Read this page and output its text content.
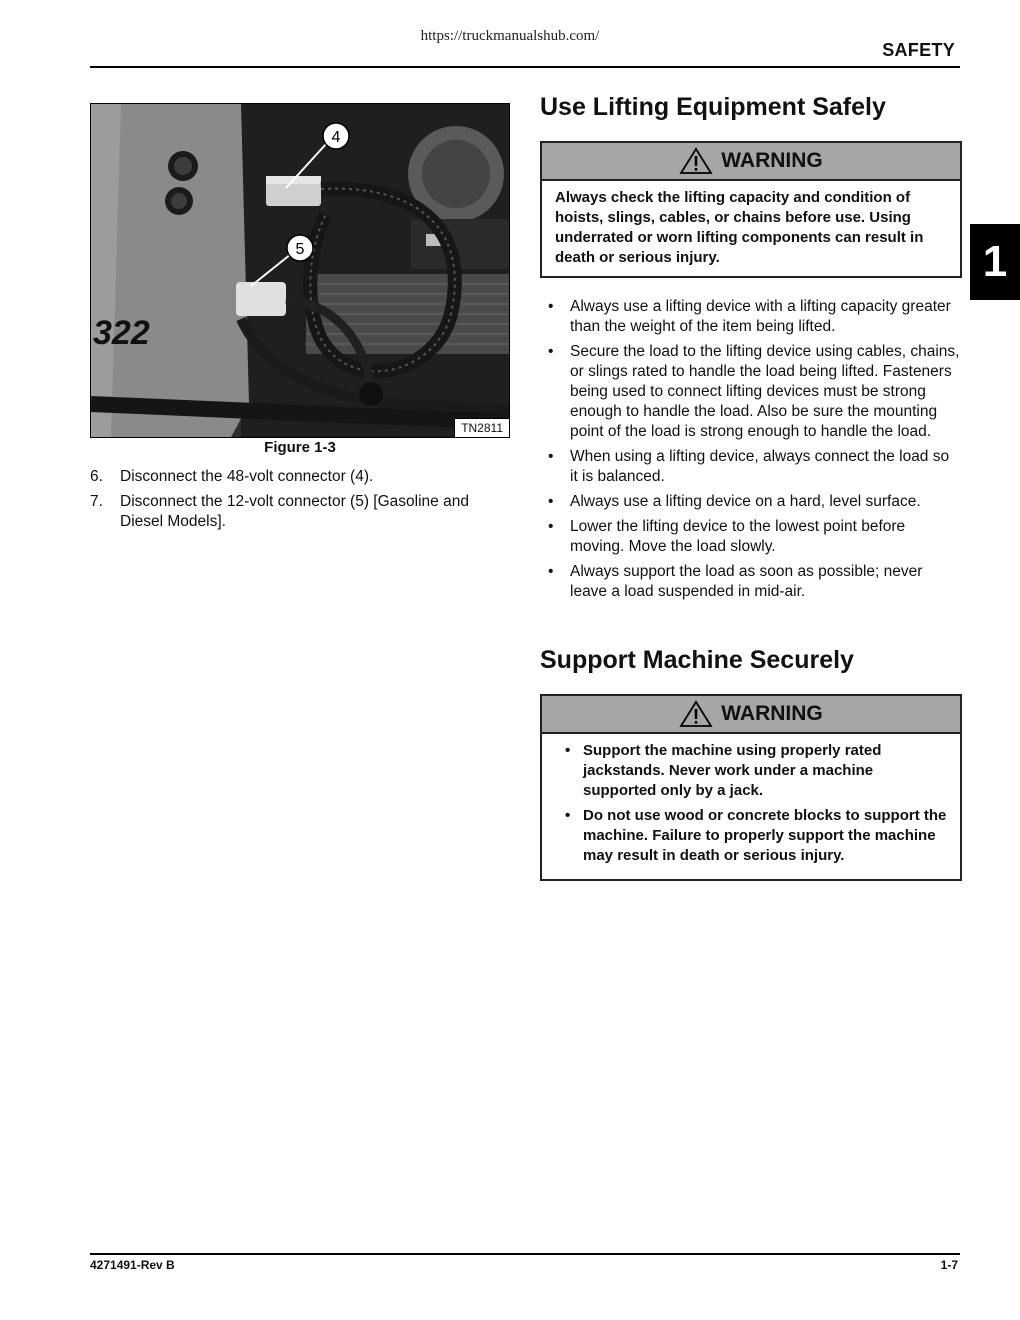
https://truckmanualshub.com/
SAFETY
1
322
4
5
TN2811
Figure 1-3
6.	Disconnect the 48-volt connector (4).
7.	Disconnect the 12-volt connector (5) [Gasoline and Diesel Models].
Use Lifting Equipment Safely
WARNING
Always check the lifting capacity and condition of hoists, slings, cables, or chains before use. Using underrated or worn lifting components can result in death or serious injury.
•	Always use a lifting device with a lifting capacity greater than the weight of the item being lifted.
•	Secure the load to the lifting device using cables, chains, or slings rated to handle the load being lifted. Fasteners being used to connect lifting devices must be strong enough to handle the load. Also be sure the mounting point of the load is strong enough to handle the load.
•	When using a lifting device, always connect the load so it is balanced.
•	Always use a lifting device on a hard, level surface.
•	Lower the lifting device to the lowest point before moving. Move the load slowly.
•	Always support the load as soon as possible; never leave a load suspended in mid-air.
Support Machine Securely
WARNING
• Support the machine using properly rated jackstands. Never work under a machine supported only by a jack.
• Do not use wood or concrete blocks to support the machine. Failure to properly support the machine may result in death or serious injury.
4271491-Rev B	1-7
